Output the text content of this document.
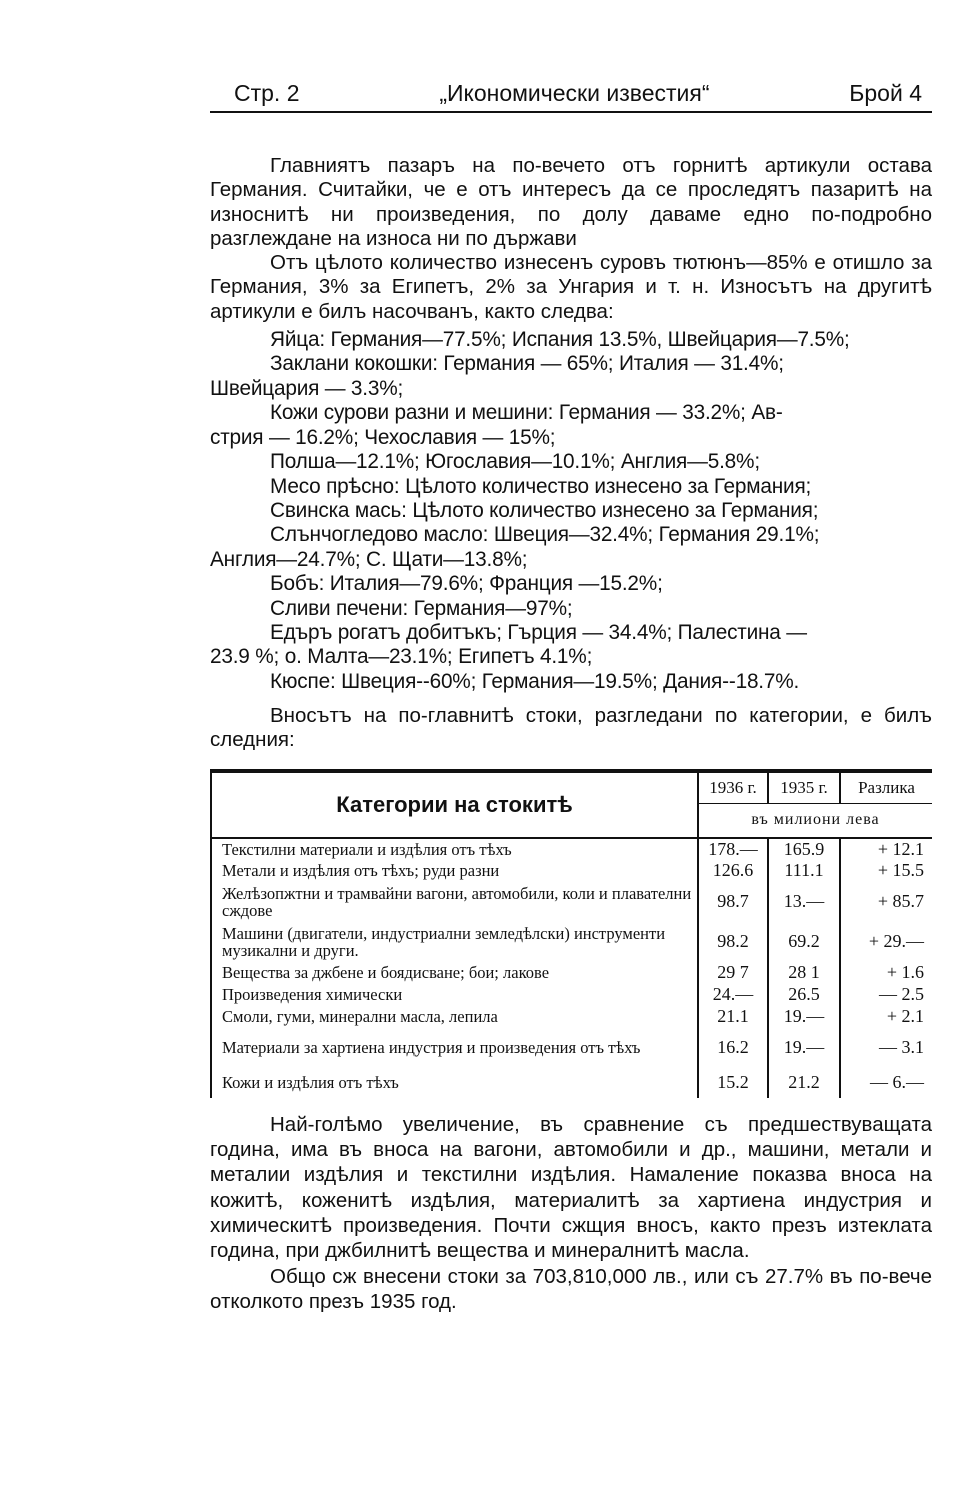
Стр. 2	„Икономически известия“	Брой 4

Главниятъ пазаръ на по-вечето отъ горнитѣ артикули остава Германия. Считайки, че е отъ интересъ да се проследятъ пазаритѣ на износнитѣ ни произведения, по долу даваме едно по-подробно разглеждане на износа ни по държави

Отъ цѣлото количество изнесенъ суровъ тютюнъ—85% е отишло за Германия, 3% за Египетъ, 2% за Унгария и т. н. Износътъ на другитѣ артикули е билъ насочванъ, както следва:

Яйца: Германия—77.5%; Испания 13.5%, Швейцария—7.5%;
Заклани кокошки: Германия — 65%; Италия — 31.4%;
Швейцария — 3.3%;
Кожи сурови разни и мешини: Германия — 33.2%; Ав-
стрия — 16.2%; Чехославия — 15%;
Полша—12.1%; Югославия—10.1%; Англия—5.8%;
Месо прѣсно: Цѣлото количество изнесено за Германия;
Свинска мась: Цѣлото количество изнесено за Германия;
Слънчогледово масло: Швеция—32.4%; Германия 29.1%;
Англия—24.7%; С. Щати—13.8%;
Бобъ: Италия—79.6%; Франция —15.2%;
Сливи печени: Германия—97%;
Едъръ рогатъ добитъкъ; Гърция — 34.4%; Палестина —
23.9 %; о. Малта—23.1%; Египетъ 4.1%;
Кюспе: Швеция--60%; Германия—19.5%; Дания--18.7%.

Вносътъ на по-главнитѣ стоки, разгледани по категории, е билъ следния:

Категории на стокитѣ	1936 г.	1935 г.	Разлика
	въ милиони лева		
Текстилни материали и издѣлия отъ тѣхъ	178.—	165.9	+ 12.1
Метали и издѣлия отъ тѣхъ; руди разни	126.6	111.1	+ 15.5
Желѣзопжтни и трамвайни вагони, автомобили, коли и плавателни сждове	98.7	13.—	+ 85.7
Машини (двигатели, индустриални земледѣлски) инструменти музикални и други.	98.2	69.2	+ 29.—
Вещества за джбене и боядисване; бои; лакове	29 7	28 1	+ 1.6
Произведения химически	24.—	26.5	— 2.5
Смоли, гуми, минерални масла, лепила	21.1	19.—	+ 2.1
Материали за хартиена индустрия и произведения отъ тѣхъ	16.2	19.—	— 3.1
Кожи и издѣлия отъ тѣхъ	15.2	21.2	— 6.—

Най-голѣмо увеличение, въ сравнение съ предшествуващата година, има въ вноса на вагони, автомобили и др., машини, метали и металии издѣлия и текстилни издѣлия. Намаление показва вноса на кожитѣ, коженитѣ издѣлия, материалитѣ за хартиена индустрия и химическитѣ произведения. Почти сжщия вносъ, както презъ изтеклата година, при джбилнитѣ вещества и минералнитѣ масла.

Общо сж внесени стоки за 703,810,000 лв., или съ 27.7% въ по-вече отколкото презъ 1935 год.
